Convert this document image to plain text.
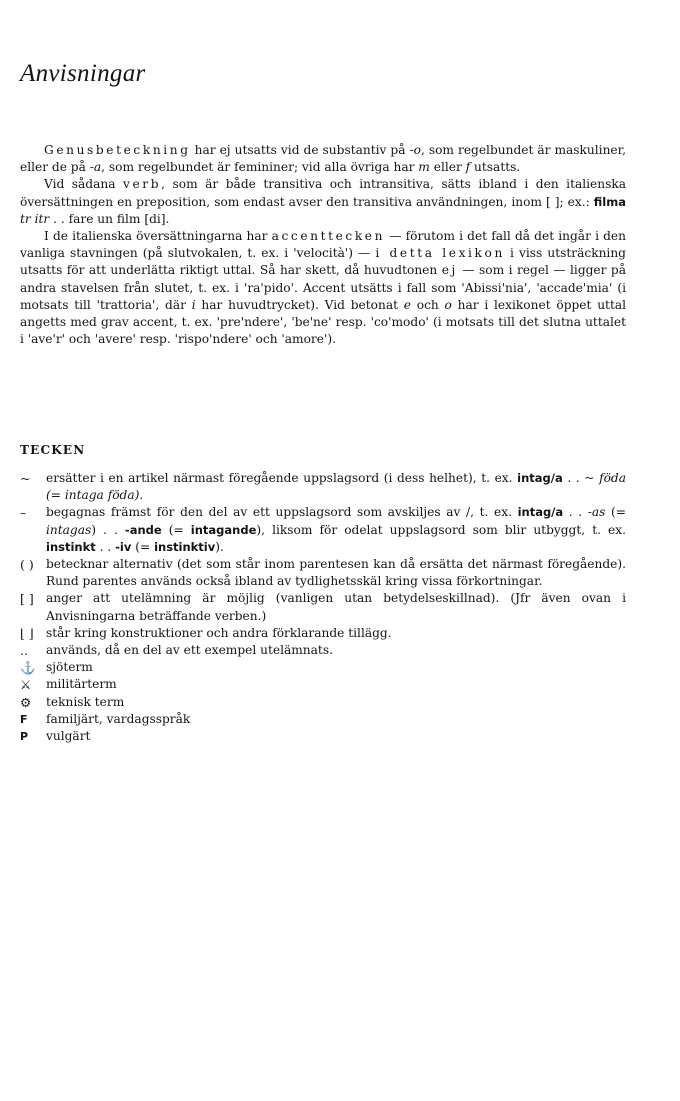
Anvisningar

Genusbeteckning har ej utsatts vid de substantiv på -o, som regelbundet är maskuliner, eller de på -a, som regelbundet är femininer; vid alla övriga har m eller f utsatts.

Vid sådana verb, som är både transitiva och intransitiva, sätts ibland i den italienska översättningen en preposition, som endast avser den transitiva användningen, inom [ ]; ex.: filma tr itr . . fare un film [di].

I de italienska översättningarna har accenttecken — förutom i det fall då det ingår i den vanliga stavningen (på slutvokalen, t. ex. i 'velocità') — i detta lexikon i viss utsträckning utsatts för att underlätta riktigt uttal. Så har skett, då huvudtonen ej — som i regel — ligger på andra stavelsen från slutet, t. ex. i 'ra'pido'. Accent utsätts i fall som 'Abissi'nia', 'accade'mia' (i motsats till 'trattoria', där i har huvudtrycket). Vid betonat e och o har i lexikonet öppet uttal angetts med grav accent, t. ex. 'pre'ndere', 'be'ne' resp. 'co'modo' (i motsats till det slutna uttalet i 'ave'r' och 'avere' resp. 'rispo'ndere' och 'amore').

TECKEN
~	ersätter i en artikel närmast föregående uppslagsord (i dess helhet), t. ex. intag/a . . ~ föda (= intaga föda).

–	begagnas främst för den del av ett uppslagsord som avskiljes av /, t. ex. intag/a . . -as (= intagas) . . -ande (= intagande), liksom för odelat uppslagsord som blir utbyggt, t. ex. instinkt . . -iv (= instinktiv).

( )	betecknar alternativ (det som står inom parentesen kan då ersätta det närmast föregående). Rund parentes används också ibland av tydlighetsskäl kring vissa förkortningar.

[ ]	anger att utelämning är möjlig (vanligen utan betydelseskillnad). (Jfr även ovan i Anvisningarna beträffande verben.)

⌊ ⌋	står kring konstruktioner och andra förklarande tillägg.

..	används, då en del av ett exempel utelämnats.

⚓ sjöterm

⚔	militärterm

⚙	teknisk term

F	familjärt, vardagsspråk

P	vulgärt
